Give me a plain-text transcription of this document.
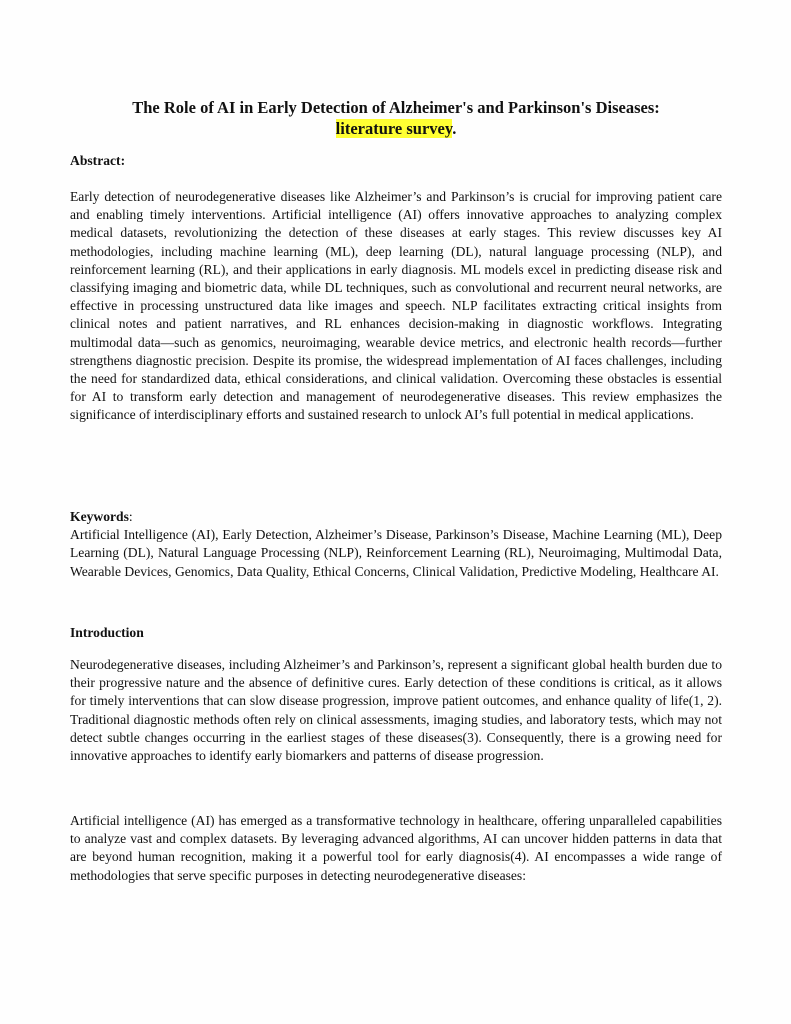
The Role of AI in Early Detection of Alzheimer's and Parkinson's Diseases:
literature survey.
Abstract:

Early detection of neurodegenerative diseases like Alzheimer’s and Parkinson’s is crucial for improving patient care and enabling timely interventions. Artificial intelligence (AI) offers innovative approaches to analyzing complex medical datasets, revolutionizing the detection of these diseases at early stages. This review discusses key AI methodologies, including machine learning (ML), deep learning (DL), natural language processing (NLP), and reinforcement learning (RL), and their applications in early diagnosis. ML models excel in predicting disease risk and classifying imaging and biometric data, while DL techniques, such as convolutional and recurrent neural networks, are effective in processing unstructured data like images and speech. NLP facilitates extracting critical insights from clinical notes and patient narratives, and RL enhances decision-making in diagnostic workflows. Integrating multimodal data—such as genomics, neuroimaging, wearable device metrics, and electronic health records—further strengthens diagnostic precision. Despite its promise, the widespread implementation of AI faces challenges, including the need for standardized data, ethical considerations, and clinical validation. Overcoming these obstacles is essential for AI to transform early detection and management of neurodegenerative diseases. This review emphasizes the significance of interdisciplinary efforts and sustained research to unlock AI’s full potential in medical applications.

Keywords:
Artificial Intelligence (AI), Early Detection, Alzheimer’s Disease, Parkinson’s Disease, Machine Learning (ML), Deep Learning (DL), Natural Language Processing (NLP), Reinforcement Learning (RL), Neuroimaging, Multimodal Data, Wearable Devices, Genomics, Data Quality, Ethical Concerns, Clinical Validation, Predictive Modeling, Healthcare AI.
Introduction

Neurodegenerative diseases, including Alzheimer’s and Parkinson’s, represent a significant global health burden due to their progressive nature and the absence of definitive cures. Early detection of these conditions is critical, as it allows for timely interventions that can slow disease progression, improve patient outcomes, and enhance quality of life(1, 2). Traditional diagnostic methods often rely on clinical assessments, imaging studies, and laboratory tests, which may not detect subtle changes occurring in the earliest stages of these diseases(3). Consequently, there is a growing need for innovative approaches to identify early biomarkers and patterns of disease progression.

Artificial intelligence (AI) has emerged as a transformative technology in healthcare, offering unparalleled capabilities to analyze vast and complex datasets. By leveraging advanced algorithms, AI can uncover hidden patterns in data that are beyond human recognition, making it a powerful tool for early diagnosis(4). AI encompasses a wide range of methodologies that serve specific purposes in detecting neurodegenerative diseases:
